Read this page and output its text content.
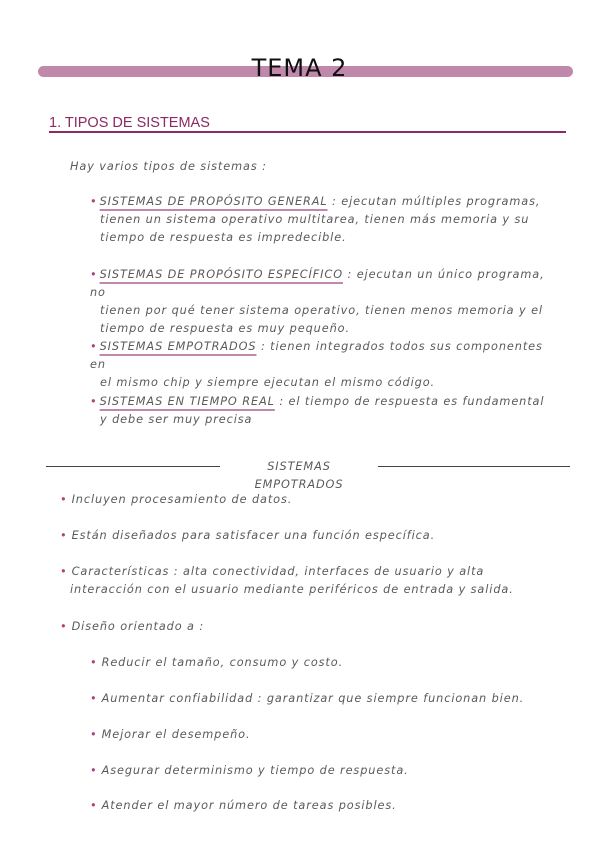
TEMA 2
1. TIPOS DE SISTEMAS
Hay varios tipos de sistemas :
• SISTEMAS DE PROPÓSITO GENERAL : ejecutan múltiples programas,
tienen un sistema operativo multitarea, tienen más memoria y su
tiempo de respuesta es impredecible.
• SISTEMAS DE PROPÓSITO ESPECÍFICO : ejecutan un único programa, no
tienen por qué tener sistema operativo, tienen menos memoria y el
tiempo de respuesta es muy pequeño.
• SISTEMAS EMPOTRADOS : tienen integrados todos sus componentes en
el mismo chip y siempre ejecutan el mismo código.
• SISTEMAS EN TIEMPO REAL : el tiempo de respuesta es fundamental
y debe ser muy precisa
SISTEMAS EMPOTRADOS
• Incluyen procesamiento de datos.
• Están diseñados para satisfacer una función específica.
• Características : alta conectividad, interfaces de usuario y alta
interacción con el usuario mediante periféricos de entrada y salida.
• Diseño orientado a :
• Reducir el tamaño, consumo y costo.
• Aumentar confiabilidad : garantizar que siempre funcionan bien.
• Mejorar el desempeño.
• Asegurar determinismo y tiempo de respuesta.
• Atender el mayor número de tareas posibles.
